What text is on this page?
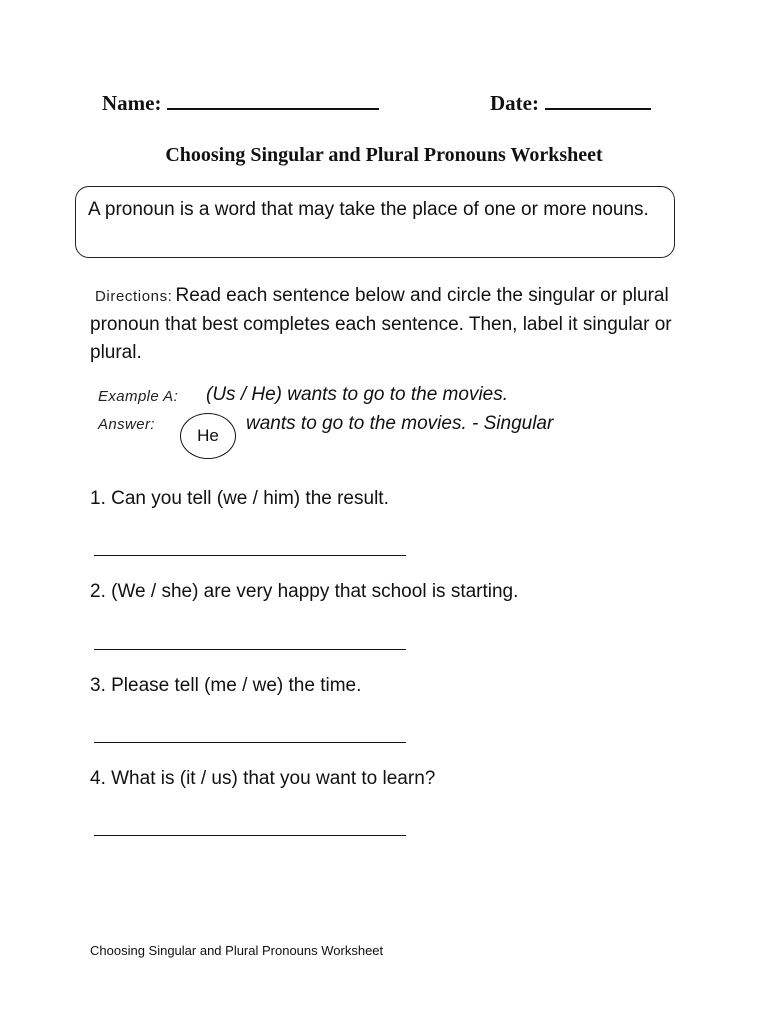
Name:	Date:
Choosing Singular and Plural Pronouns Worksheet
A pronoun is a word that may take the place of one or more nouns.
Directions: Read each sentence below and circle the singular or plural pronoun that best completes each sentence. Then, label it singular or plural.
Example A: (Us / He) wants to go to the movies.
Answer:
He
wants to go to the movies. - Singular
1. Can you tell (we / him) the result.
2. (We / she) are very happy that school is starting.
3. Please tell (me / we) the time.
4. What is (it / us) that you want to learn?
Choosing Singular and Plural Pronouns Worksheet
